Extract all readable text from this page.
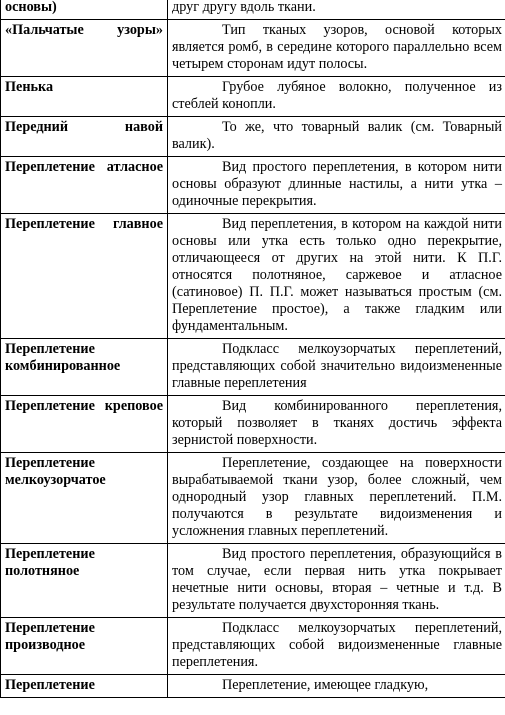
основы)	друг другу вдоль ткани.
«Пальчатые узоры»	Тип тканых узоров, основой которых является ромб, в середине которого параллельно всем четырем сторонам идут полосы.
Пенька	Грубое лубяное волокно, полученное из стеблей конопли.
Передний навой	То же, что товарный валик (см. Товарный валик).
Переплетение атласное	Вид простого переплетения, в котором нити основы образуют длинные настилы, а нити утка – одиночные перекрытия.
Переплетение главное	Вид переплетения, в котором на каждой нити основы или утка есть только одно перекрытие, отличающееся от других на этой нити. К П.Г. относятся полотняное, саржевое и атласное (сатиновое) П. П.Г. может называться простым (см. Переплетение простое), а также гладким или фундаментальным.
Переплетение комбинированное	Подкласс мелкоузорчатых переплетений, представляющих собой значительно видоизмененные главные переплетения
Переплетение креповое	Вид комбинированного переплетения, который позволяет в тканях достичь эффекта зернистой поверхности.
Переплетение мелкоузорчатое	Переплетение, создающее на поверхности вырабатываемой ткани узор, более сложный, чем однородный узор главных переплетений. П.М. получаются в результате видоизменения и усложнения главных переплетений.
Переплетение полотняное	Вид простого переплетения, образующийся в том случае, если первая нить утка покрывает нечетные нити основы, вторая – четные и т.д. В результате получается двухсторонняя ткань.
Переплетение производное	Подкласс мелкоузорчатых переплетений, представляющих собой видоизмененные главные переплетения.
Переплетение	Переплетение, имеющее гладкую,
